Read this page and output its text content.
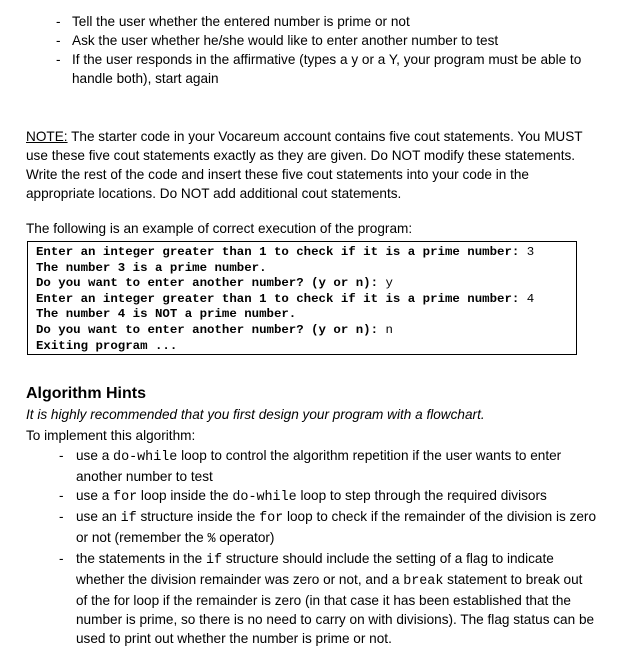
- Tell the user whether the entered number is prime or not
- Ask the user whether he/she would like to enter another number to test
- If the user responds in the affirmative (types a y or a Y, your program must be able to handle both), start again

NOTE: The starter code in your Vocareum account contains five cout statements. You MUST use these five cout statements exactly as they are given. Do NOT modify these statements. Write the rest of the code and insert these five cout statements into your code in the appropriate locations. Do NOT add additional cout statements.

The following is an example of correct execution of the program:

Enter an integer greater than 1 to check if it is a prime number: 3
The number 3 is a prime number.
Do you want to enter another number? (y or n): y
Enter an integer greater than 1 to check if it is a prime number: 4
The number 4 is NOT a prime number.
Do you want to enter another number? (y or n): n
Exiting program ...
Algorithm Hints

It is highly recommended that you first design your program with a flowchart.

To implement this algorithm:

- use a do-while loop to control the algorithm repetition if the user wants to enter another number to test
- use a for loop inside the do-while loop to step through the required divisors
- use an if structure inside the for loop to check if the remainder of the division is zero or not (remember the % operator)
- the statements in the if structure should include the setting of a flag to indicate whether the division remainder was zero or not, and a break statement to break out of the for loop if the remainder is zero (in that case it has been established that the number is prime, so there is no need to carry on with divisions). The flag status can be used to print out whether the number is prime or not.
